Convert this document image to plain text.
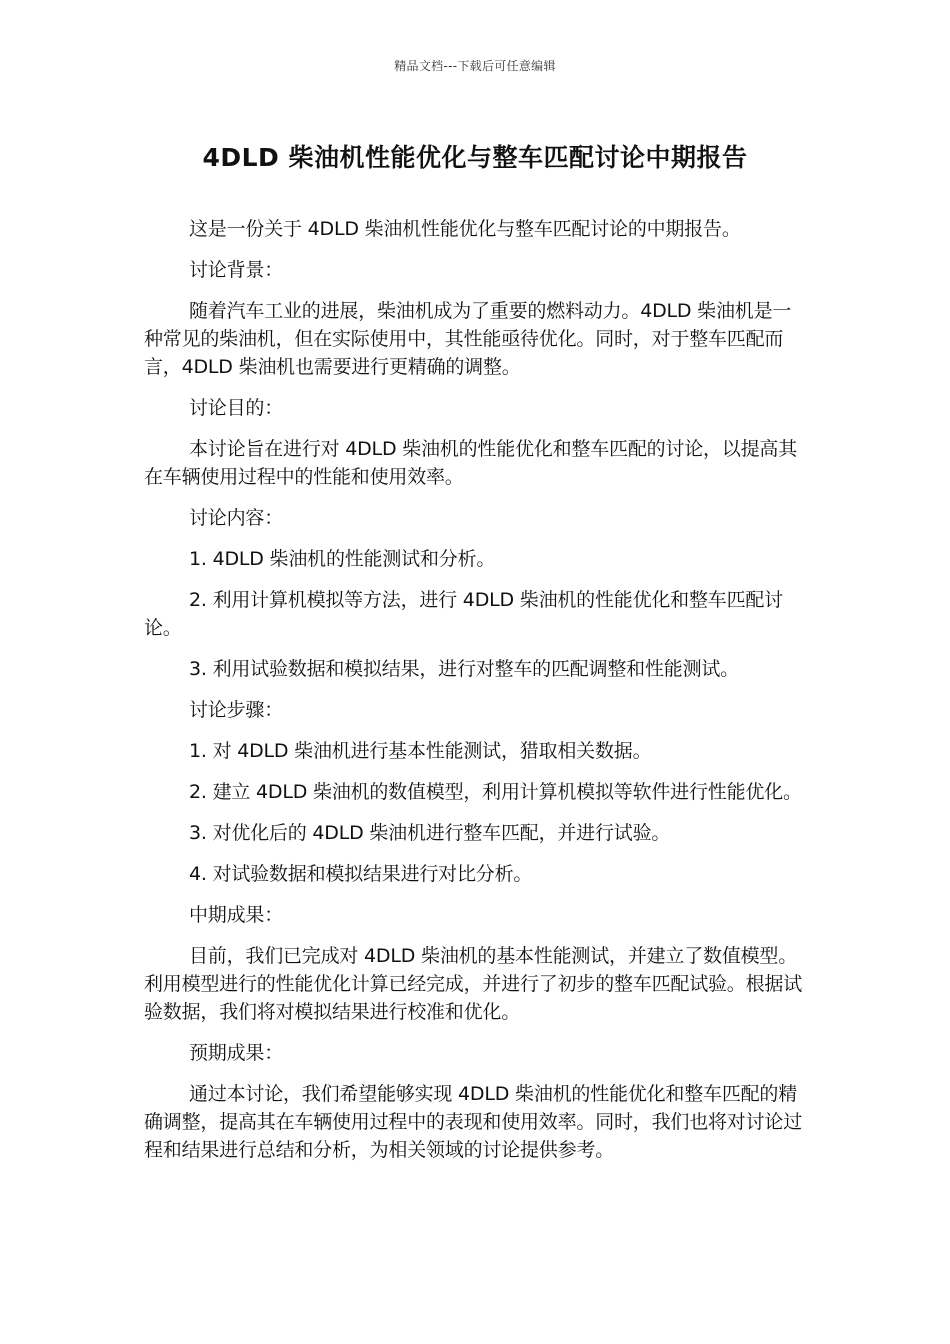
精品文档---下载后可任意编辑
4DLD 柴油机性能优化与整车匹配讨论中期报告

这是一份关于 4DLD 柴油机性能优化与整车匹配讨论的中期报告。

讨论背景：

随着汽车工业的进展，柴油机成为了重要的燃料动力。4DLD 柴油机是一种常见的柴油机，但在实际使用中，其性能亟待优化。同时，对于整车匹配而言，4DLD 柴油机也需要进行更精确的调整。

讨论目的：

本讨论旨在进行对 4DLD 柴油机的性能优化和整车匹配的讨论，以提高其在车辆使用过程中的性能和使用效率。

讨论内容：

1. 4DLD 柴油机的性能测试和分析。

2. 利用计算机模拟等方法，进行 4DLD 柴油机的性能优化和整车匹配讨论。

3. 利用试验数据和模拟结果，进行对整车的匹配调整和性能测试。

讨论步骤：

1. 对 4DLD 柴油机进行基本性能测试，猎取相关数据。

2. 建立 4DLD 柴油机的数值模型，利用计算机模拟等软件进行性能优化。

3. 对优化后的 4DLD 柴油机进行整车匹配，并进行试验。

4. 对试验数据和模拟结果进行对比分析。

中期成果：

目前，我们已完成对 4DLD 柴油机的基本性能测试，并建立了数值模型。利用模型进行的性能优化计算已经完成，并进行了初步的整车匹配试验。根据试验数据，我们将对模拟结果进行校准和优化。

预期成果：

通过本讨论，我们希望能够实现 4DLD 柴油机的性能优化和整车匹配的精确调整，提高其在车辆使用过程中的表现和使用效率。同时，我们也将对讨论过程和结果进行总结和分析，为相关领域的讨论提供参考。
